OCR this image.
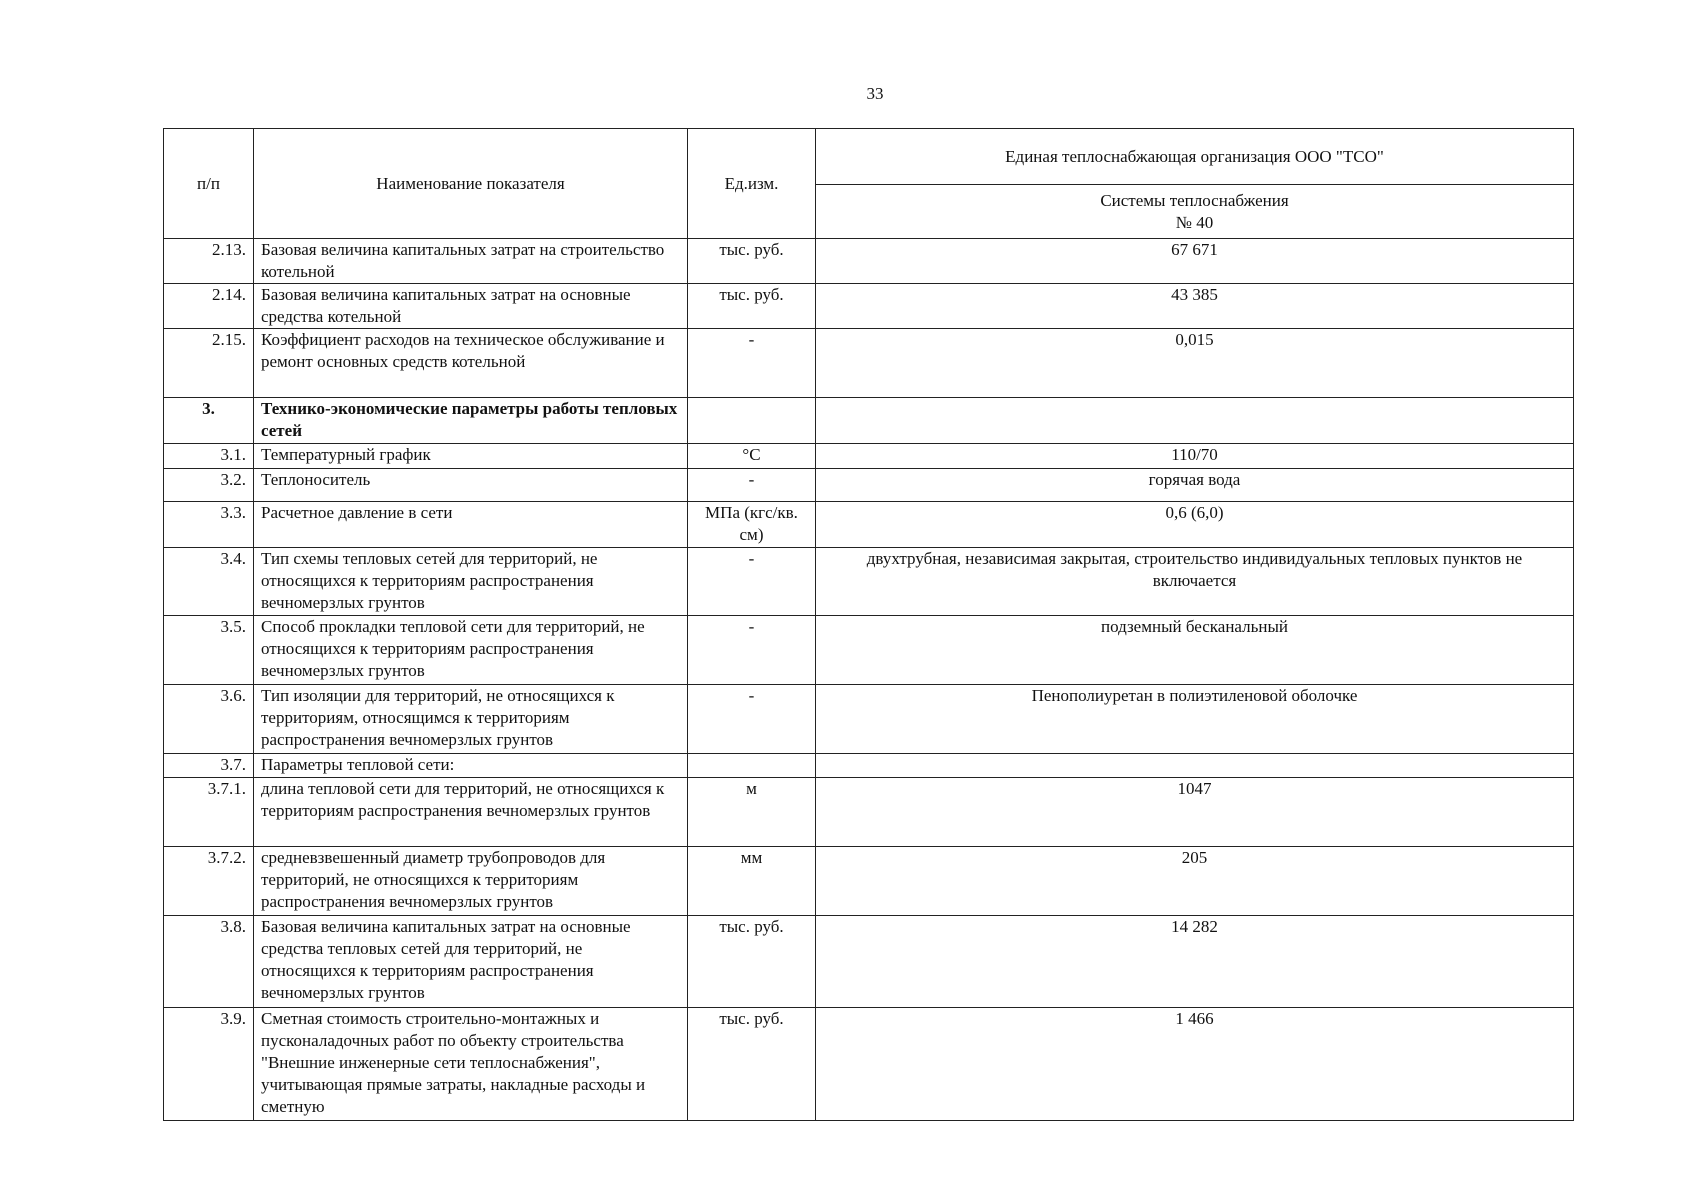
33
п/п	Наименование показателя	Ед.изм.	Единая теплоснабжающая организация ООО "ТСО"

			Системы теплоснабжения
№ 40

2.13.	Базовая величина капитальных затрат на строительство котельной	тыс. руб.	67 671
2.14.	Базовая величина капитальных затрат на основные средства котельной	тыс. руб.	43 385
2.15.	Коэффициент расходов на техническое обслуживание и ремонт основных средств котельной	-	0,015
3.	Технико-экономические параметры работы тепловых сетей		
3.1.	Температурный график	°С	110/70
3.2.	Теплоноситель	-	горячая вода
3.3.	Расчетное давление в сети	МПа (кгс/кв. см)	0,6 (6,0)
3.4.	Тип схемы тепловых сетей для территорий, не относящихся к территориям распространения вечномерзлых грунтов	-	двухтрубная, независимая закрытая, строительство индивидуальных тепловых пунктов не включается
3.5.	Способ прокладки тепловой сети для территорий, не относящихся к территориям распространения вечномерзлых грунтов	-	подземный бесканальный
3.6.	Тип изоляции для территорий, не относящихся к территориям, относящимся к территориям распространения вечномерзлых грунтов	-	Пенополиуретан в полиэтиленовой оболочке
3.7.	Параметры тепловой сети:		
3.7.1.	длина тепловой сети для территорий, не относящихся к территориям распространения вечномерзлых грунтов	м	1047
3.7.2.	средневзвешенный диаметр трубопроводов для территорий, не относящихся к территориям распространения вечномерзлых грунтов	мм	205
3.8.	Базовая величина капитальных затрат на основные средства тепловых сетей для территорий, не относящихся к территориям распространения вечномерзлых грунтов	тыс. руб.	14 282
3.9.	Сметная стоимость строительно-монтажных и пусконаладочных работ по объекту строительства "Внешние инженерные сети теплоснабжения", учитывающая прямые затраты, накладные расходы и сметную	тыс. руб.	1 466
